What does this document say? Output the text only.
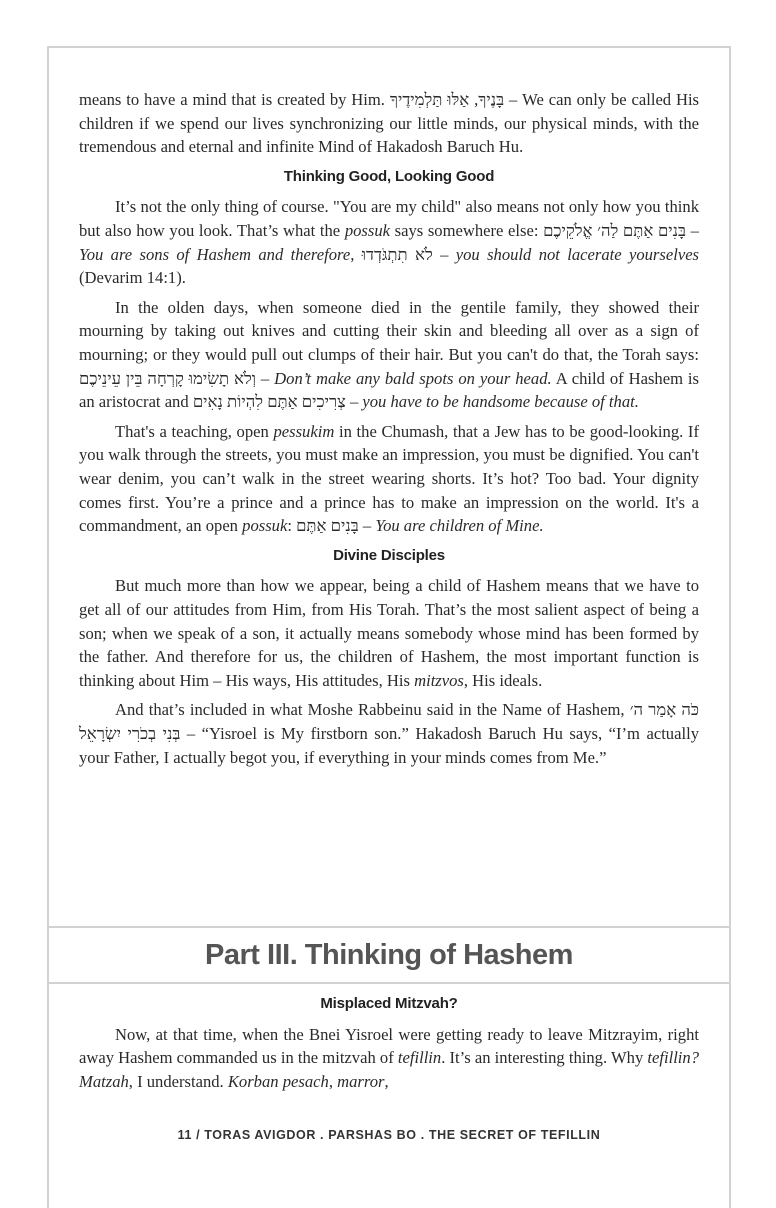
means to have a mind that is created by Him. בָּנֶיךָ, אַלּוּ תַּלְמִידֶיךָ – We can only be called His children if we spend our lives synchronizing our little minds, our physical minds, with the tremendous and eternal and infinite Mind of Hakadosh Baruch Hu.

Thinking Good, Looking Good

It’s not the only thing of course. "You are my child" also means not only how you think but also how you look. That’s what the possuk says somewhere else: בָּנִים אַתֶּם לַה׳ אֱלֹקֵיכֶם – You are sons of Hashem and therefore, לֹא תִתְגֹּדְדוּ – you should not lacerate yourselves (Devarim 14:1).

In the olden days, when someone died in the gentile family, they showed their mourning by taking out knives and cutting their skin and bleeding all over as a sign of mourning; or they would pull out clumps of their hair. But you can't do that, the Torah says: וְלֹא תָשִׂימוּ קָרְחָה בֵּין עֵינֵיכֶם – Don’t make any bald spots on your head. A child of Hashem is an aristocrat and צְרִיכִים אַתֶּם לִהְיוֹת נָאִים – you have to be handsome because of that.

That's a teaching, open pessukim in the Chumash, that a Jew has to be good-looking. If you walk through the streets, you must make an impression, you must be dignified. You can't wear denim, you can’t walk in the street wearing shorts. It’s hot? Too bad. Your dignity comes first. You’re a prince and a prince has to make an impression on the world. It's a commandment, an open possuk: בָּנִים אַתֶּם – You are children of Mine.

Divine Disciples

But much more than how we appear, being a child of Hashem means that we have to get all of our attitudes from Him, from His Torah. That’s the most salient aspect of being a son; when we speak of a son, it actually means somebody whose mind has been formed by the father. And therefore for us, the children of Hashem, the most important function is thinking about Him – His ways, His attitudes, His mitzvos, His ideals.

And that’s included in what Moshe Rabbeinu said in the Name of Hashem, כֹּה אָמַר ה׳ בְּנִי בְכֹרִי יִשְׂרָאֵל – “Yisroel is My firstborn son.” Hakadosh Baruch Hu says, “I’m actually your Father, I actually begot you, if everything in your minds comes from Me.”

Part III. Thinking of Hashem
Misplaced Mitzvah?

Now, at that time, when the Bnei Yisroel were getting ready to leave Mitzrayim, right away Hashem commanded us in the mitzvah of tefillin. It’s an interesting thing. Why tefillin? Matzah, I understand. Korban pesach, marror,

11 / TORAS AVIGDOR . PARSHAS BO . THE SECRET OF TEFILLIN
